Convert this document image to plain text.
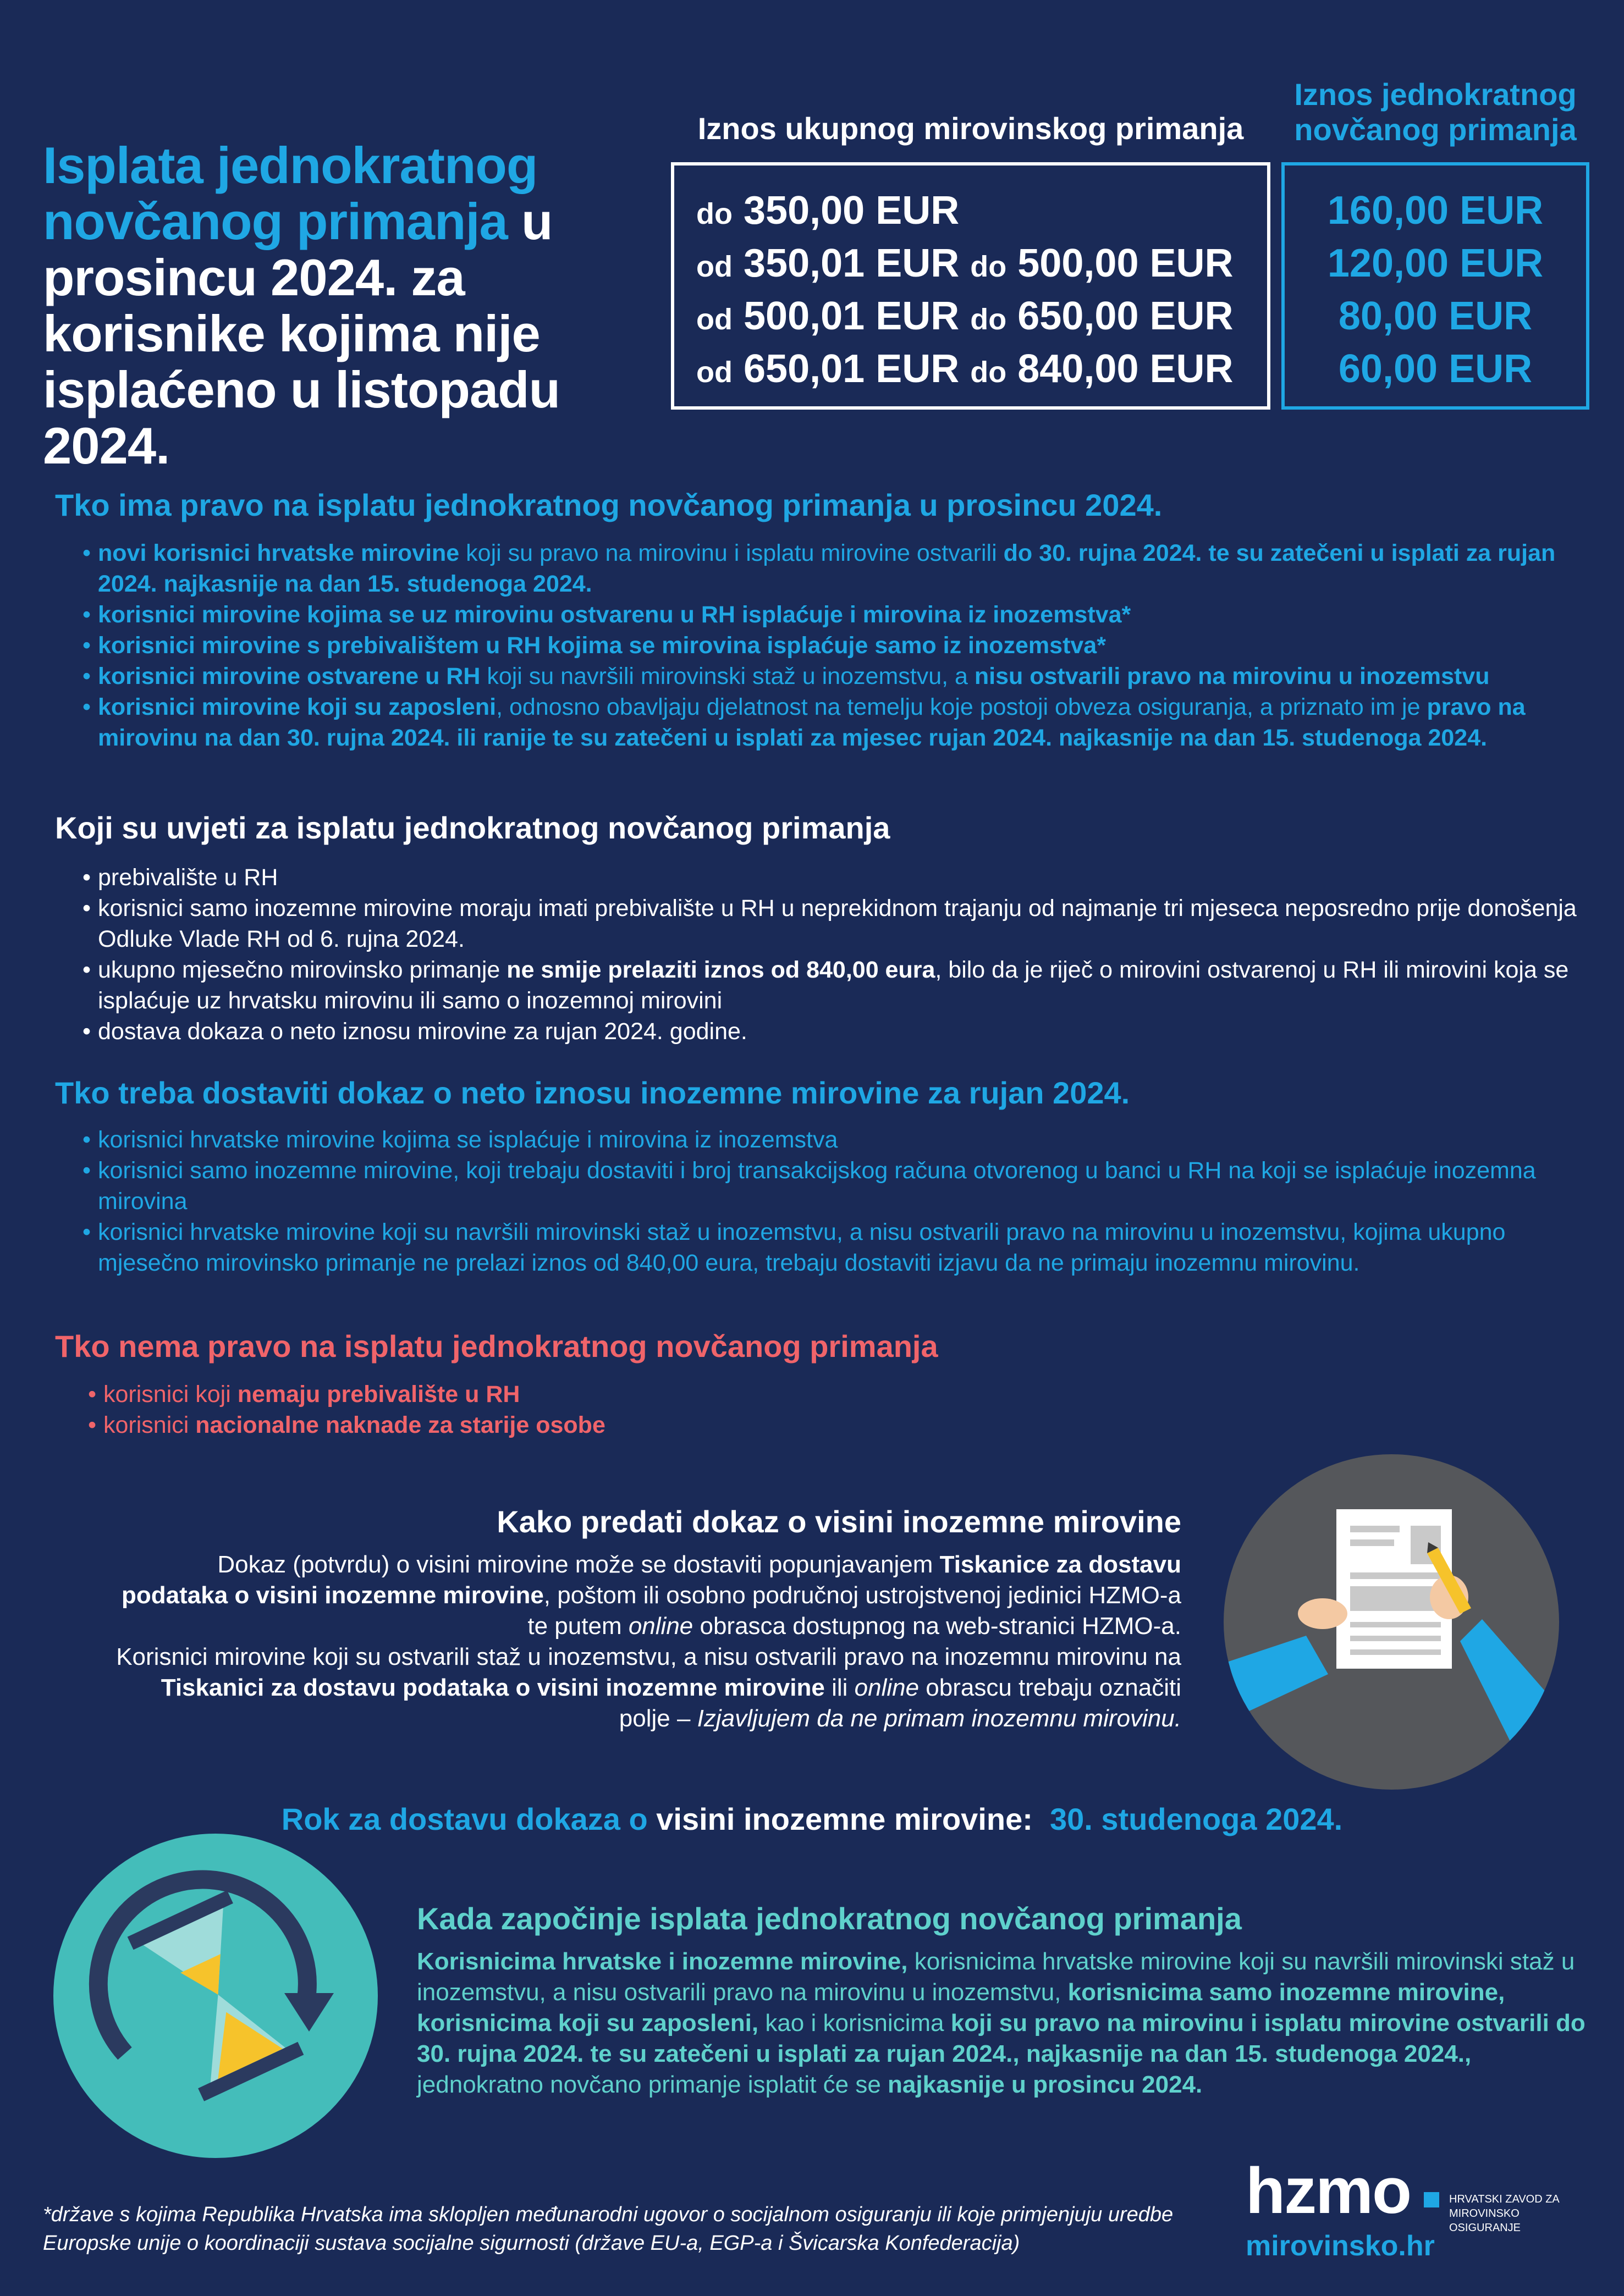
Isplata jednokratnog novčanog primanja u prosincu 2024. za korisnike kojima nije isplaćeno u listopadu 2024.
Iznos ukupnog mirovinskog primanja
Iznos jednokratnog novčanog primanja
do 350,00 EUR
od 350,01 EUR do 500,00 EUR
od 500,01 EUR do 650,00 EUR
od 650,01 EUR do 840,00 EUR
160,00 EUR
120,00 EUR
80,00 EUR
60,00 EUR
Tko ima pravo na isplatu jednokratnog novčanog primanja u prosincu 2024.
• novi korisnici hrvatske mirovine koji su pravo na mirovinu i isplatu mirovine ostvarili do 30. rujna 2024. te su zatečeni u isplati za rujan 2024. najkasnije na dan 15. studenoga 2024.
• korisnici mirovine kojima se uz mirovinu ostvarenu u RH isplaćuje i mirovina iz inozemstva*
• korisnici mirovine s prebivalištem u RH kojima se mirovina isplaćuje samo iz inozemstva*
• korisnici mirovine ostvarene u RH koji su navršili mirovinski staž u inozemstvu, a nisu ostvarili pravo na mirovinu u inozemstvu
• korisnici mirovine koji su zaposleni, odnosno obavljaju djelatnost na temelju koje postoji obveza osiguranja, a priznato im je pravo na mirovinu na dan 30. rujna 2024. ili ranije te su zatečeni u isplati za mjesec rujan 2024. najkasnije na dan 15. studenoga 2024.
Koji su uvjeti za isplatu jednokratnog novčanog primanja
• prebivalište u RH
• korisnici samo inozemne mirovine moraju imati prebivalište u RH u neprekidnom trajanju od najmanje tri mjeseca neposredno prije donošenja Odluke Vlade RH od 6. rujna 2024.
• ukupno mjesečno mirovinsko primanje ne smije prelaziti iznos od 840,00 eura, bilo da je riječ o mirovini ostvarenoj u RH ili mirovini koja se isplaćuje uz hrvatsku mirovinu ili samo o inozemnoj mirovini
• dostava dokaza o neto iznosu mirovine za rujan 2024. godine.
Tko treba dostaviti dokaz o neto iznosu inozemne mirovine za rujan 2024.
• korisnici hrvatske mirovine kojima se isplaćuje i mirovina iz inozemstva
• korisnici samo inozemne mirovine, koji trebaju dostaviti i broj transakcijskog računa otvorenog u banci u RH na koji se isplaćuje inozemna mirovina
• korisnici hrvatske mirovine koji su navršili mirovinski staž u inozemstvu, a nisu ostvarili pravo na mirovinu u inozemstvu, kojima ukupno mjesečno mirovinsko primanje ne prelazi iznos od 840,00 eura, trebaju dostaviti izjavu da ne primaju inozemnu mirovinu.
Tko nema pravo na isplatu jednokratnog novčanog primanja
• korisnici koji nemaju prebivalište u RH
• korisnici nacionalne naknade za starije osobe
Kako predati dokaz o visini inozemne mirovine
Dokaz (potvrdu) o visini mirovine može se dostaviti popunjavanjem Tiskanice za dostavu podataka o visini inozemne mirovine, poštom ili osobno područnoj ustrojstvenoj jedinici HZMO-a te putem online obrasca dostupnog na web-stranici HZMO-a.
Korisnici mirovine koji su ostvarili staž u inozemstvu, a nisu ostvarili pravo na inozemnu mirovinu na Tiskanici za dostavu podataka o visini inozemne mirovine ili online obrascu trebaju označiti polje – Izjavljujem da ne primam inozemnu mirovinu.
Rok za dostavu dokaza o visini inozemne mirovine: 30. studenoga 2024.
Kada započinje isplata jednokratnog novčanog primanja
Korisnicima hrvatske i inozemne mirovine, korisnicima hrvatske mirovine koji su navršili mirovinski staž u inozemstvu, a nisu ostvarili pravo na mirovinu u inozemstvu, korisnicima samo inozemne mirovine, korisnicima koji su zaposleni, kao i korisnicima koji su pravo na mirovinu i isplatu mirovine ostvarili do 30. rujna 2024. te su zatečeni u isplati za rujan 2024., najkasnije na dan 15. studenoga 2024., jednokratno novčano primanje isplatit će se najkasnije u prosincu 2024.
*države s kojima Republika Hrvatska ima sklopljen međunarodni ugovor o socijalnom osiguranju ili koje primjenjuju uredbe Europske unije o koordinaciji sustava socijalne sigurnosti (države EU-a, EGP-a i Švicarska Konfederacija)
hzmo	HRVATSKI ZAVOD ZA
MIROVINSKO OSIGURANJE
mirovinsko.hr
